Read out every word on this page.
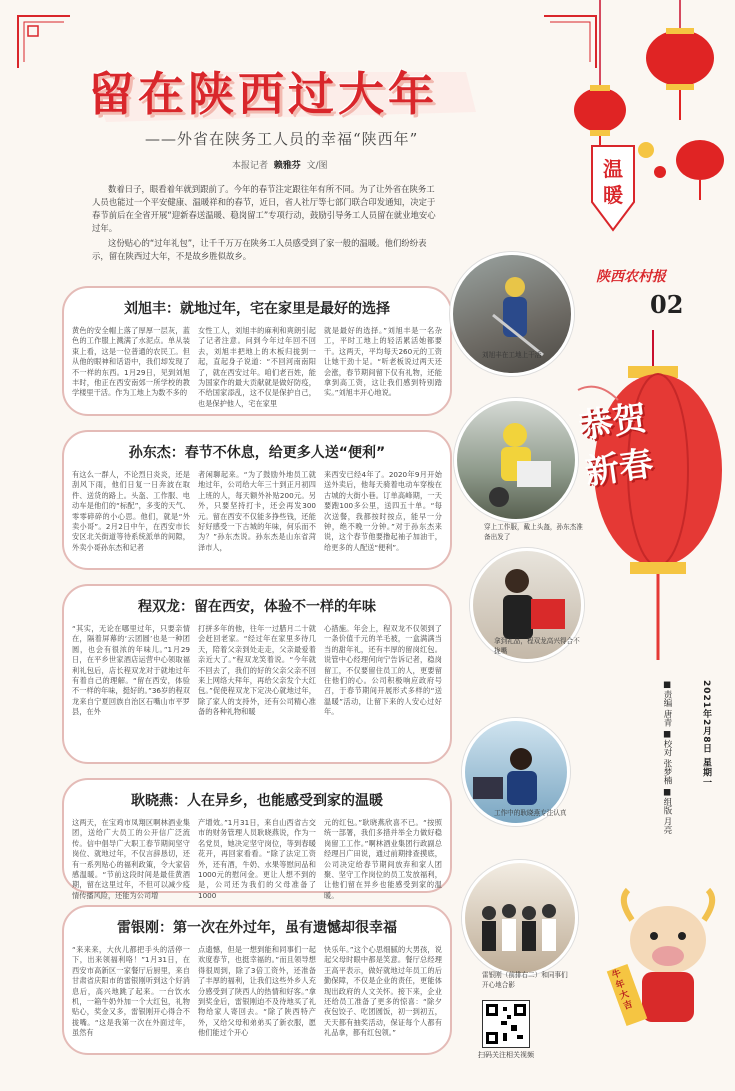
留在陕西过大年
——外省在陕务工人员的幸福“陕西年”
本报记者 赖雅芬 文/图

数着日子，眼看着年就到跟前了。今年的春节注定跟往年有所不同。为了让外省在陕务工人员也能过一个平安健康、温暖祥和的春节，近日，省人社厅等七部门联合印发通知，决定于春节前后在全省开展“迎新春送温暖、稳岗留工”专项行动，鼓励引导务工人员留在就业地安心过年。

这份贴心的“过年礼包”，让千千万万在陕务工人员感受到了家一般的温暖。他们纷纷表示，留在陕西过大年，不是故乡胜似故乡。

温
暖
陕西农村报
02
恭贺新春
2021年2月8日 星期一
■责编 唐青 ■校对 张梦楠 ■组版 月亮
刘旭丰：就地过年，宅在家里是最好的选择
黄色的安全帽上落了厚厚一层灰，蓝色的工作服上溅满了水泥点。单从装束上看，这是一位普通的农民工。但从他的眼神和话语中，我们却发现了不一样的东西。1月29日，见到刘旭丰时，他正在西安南郊一所学校的教学楼里干活。作为工地上为数不多的
女性工人，刘旭丰的麻利和爽朗引起了记者注意。问到今年过年回不回去，刘旭丰把地上的木板归拢到一起，直起身子说道：“不回河南南阳了，就在西安过年。咱们老百姓，能为国家作的最大贡献就是做好防疫，不给国家添乱，这不仅是保护自己，也是保护他人，宅在家里
就是最好的选择。”刘旭丰是一名杂工，平时工地上的轻活累活她都要干。这两天，平均每天260元的工资让她干劲十足。“听老板说过两天还会涨，春节期间留下仅有礼物，还能拿到高工资，这让我们感到特别踏实。”刘旭丰开心地说。
孙东杰：春节不休息，给更多人送“便利”
有这么一群人，不论烈日炎炎，还是刮风下雨，他们日复一日奔波在取件、送货的路上。头盔、工作服、电动车是他们的“标配”，多变的天气、零零碎碎的小心思。他们，就是“外卖小哥”。2月2日中午，在西安市长安区北关街道等待系统派单的间隙，外卖小哥孙东杰和记者
者闲聊起来。“为了鼓励外地员工就地过年，公司给大年三十到正月初四上班的人，每天额外补贴200元。另外，只要坚持打卡，还会再发300元。留在西安不仅能多挣些钱，还能好好感受一下古城的年味，何乐而不为？”孙东杰说。孙东杰是山东省菏泽市人，
来西安已经4年了。2020年9月开始送外卖后，他每天骑着电动车穿梭在古城的大街小巷。订单高峰期，一天要跑100多公里，送四五十单。“每次送餐，我都按时按点，能早一分钟，绝不晚一分钟。”对于孙东杰来说，这个春节他要撸起袖子加油干，给更多的人配送“便利”。
程双龙：留在西安，体验不一样的年味
“其实，无论在哪里过年，只要亲情在，隔着屏幕的‘云团圆’也是一种团圆，也会有很浓的年味儿。”1月29日，在平乡世家酒店运营中心领取福利礼包后，店长程双龙对于就地过年有着自己的理解。“留在西安，体验不一样的年味，挺好的。”36岁的程双龙来自宁夏回族自治区石嘴山市平罗县，在外
打拼多年的他，往年一过腊月二十就会赶回老家。“经过年在家里多待几天，陪着父亲到处走走，父亲最爱着亲近大了。”程双龙笑着说。“今年就不回去了，我们的好的父亲父亲不回来上网络大拜年，再给父亲发个大红包。”促使程双龙下定决心就地过年，除了家人的支持外，还有公司精心准备的各种礼物和暖
心措施。年会上，程双龙不仅领到了一条价值千元的羊毛被，一盒满满当当的甜年礼，还有丰厚的留岗红包。说管中心经理何向宁告诉记者，稳岗留工，不仅要留住员工的人，更要留住他们的心。公司积极响应政府号召，于春节期间开展形式多样的“送温暖”活动，让留下来的人安心过好年。
耿晓燕：人在异乡，也能感受到家的温暖
这两天，在宝鸡市凤翔区啊林酒业集团，送给广大员工的公开信广泛流传。信中倡导广大职工春节期间坚守岗位、就地过年，不仅言辞恳切，还有一系列贴心的福利政策，令大家倍感温暖。“节前这段时间是最佳黄酒期，留在这里过年，不但可以减少疫情传播风险，还能为公司增
产增效。”1月31日，来自山西省古交市的财务管理人员耿晓燕说，作为一名党员，她决定坚守岗位，等到春暖花开，再回家看看。“除了法定工资外，还有酒，牛奶、水果等慰问品和1000元的慰问金。更让人想不到的是，公司还为我们的父母准备了1000
元的红包。”耿晓燕欣喜不已。“按照统一部署，我们多措并举全力做好稳岗留工工作。”啊林酒业集团行政副总经理吕广田说，通过前期排查摸底，公司决定给春节期间放弃和家人团聚、坚守工作岗位的员工发放福利，让他们留在异乡也能感受到家的温暖。
雷银刚：第一次在外过年，虽有遗憾却很幸福
“来来来，大伙儿都把手头的活停一下，出来领福利咯！”1月31日，在西安市高新区一家餐厅后厨里，来自甘肃省庆阳市的雷银刚听到这个好消息后，高兴地跳了起来。一台饮水机，一箱牛奶外加一个大红包，礼物贴心，奖金又多，雷银刚开心得合不拢嘴。“这是我第一次在外面过年，虽然有
点遗憾，但是一想到能和同事们一起欢度春节，也挺幸福的。”而且领导想得很周到，除了3倍工资外，还准备了丰厚的福利，让我们这些外乡人充分感受到了陕西人的热情和好客。”拿到奖金后，雷银刚迫不及待地买了礼物给家人寄回去。“除了陕西特产外，又给父母和弟弟买了新衣服，愿他们能过个开心
快乐年。”这个心思细腻的大男孩，说起父母时眼中都是笑意。餐厅总经理王高平表示，做好就地过年员工的后勤保障，不仅是企业的责任，更能体现出政府的人文关怀。接下来，企业还给员工准备了更多的惊喜：“除夕夜包饺子、吃团圆饭，初一到初五，天天都有抽奖活动，保证每个人都有礼品拿，都有红包领。”
刘旭丰在工地上干活
穿上工作服，戴上头盔，孙东杰准备出发了
拿到礼品，程双龙高兴得合不拢嘴
工作中的耿晓燕专注认真
雷银刚（前排右二）和同事们开心地合影
扫码关注相关视频
牛年大吉
